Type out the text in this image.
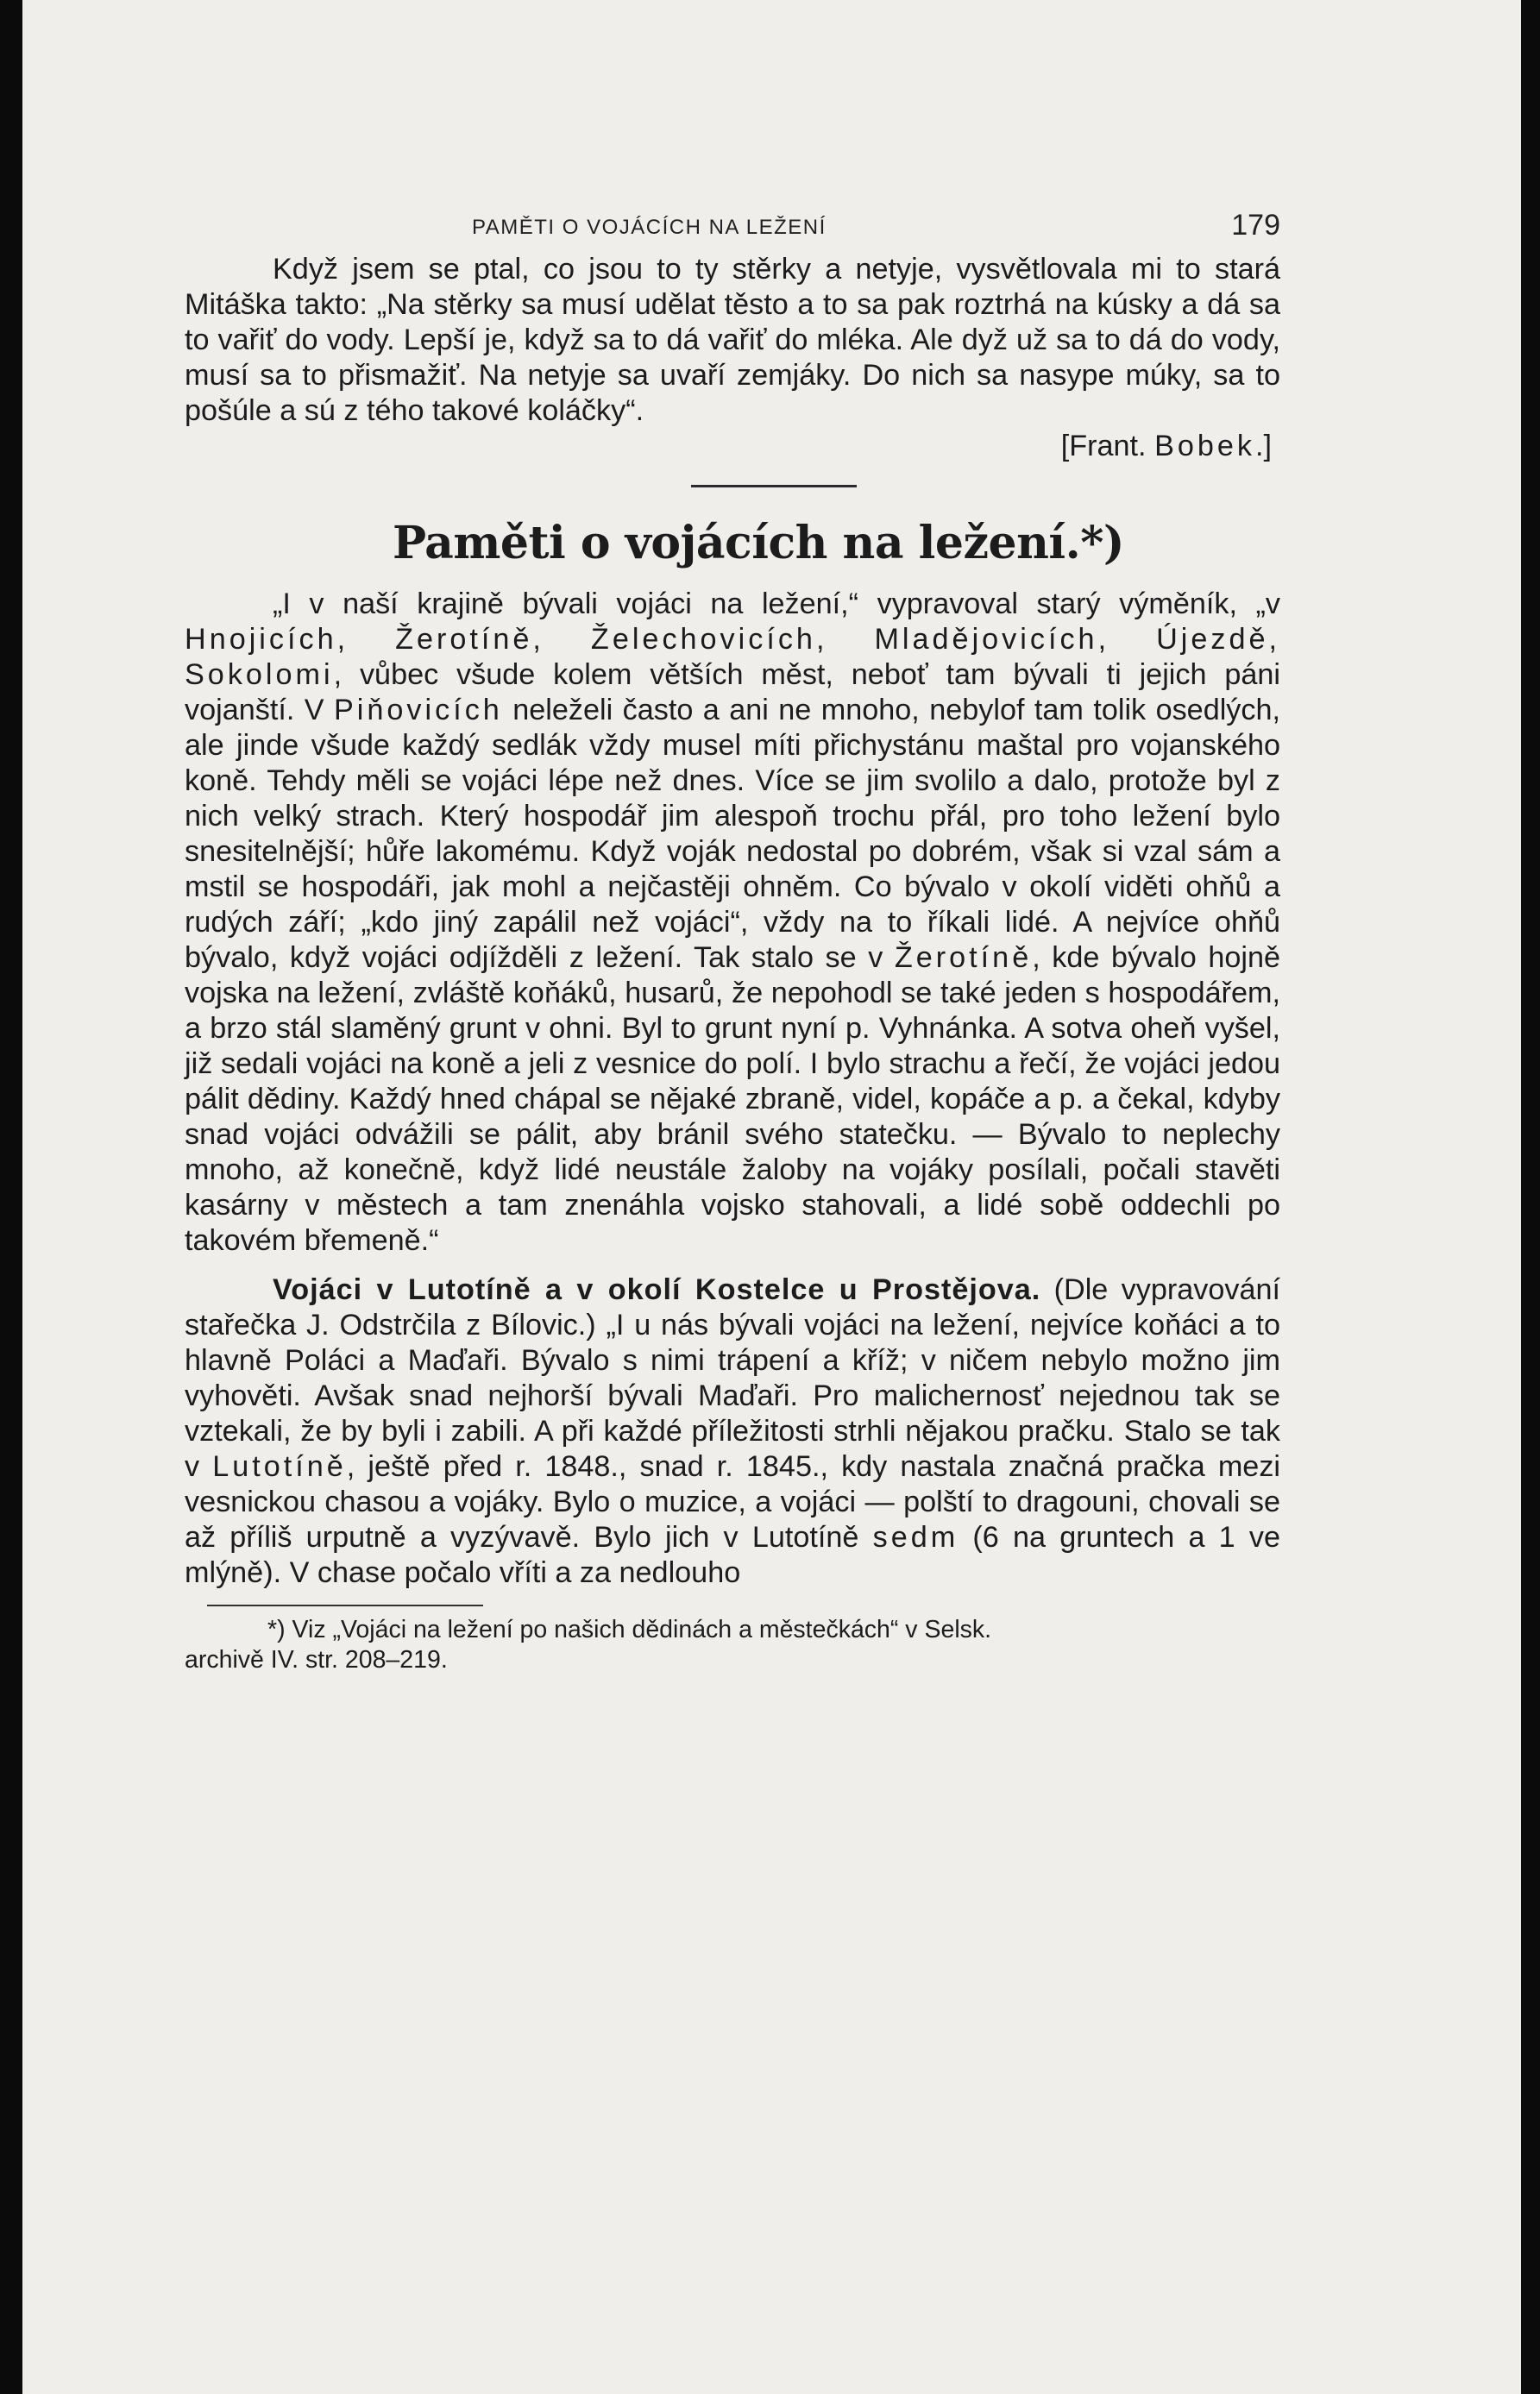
PAMĚTI O VOJÁCÍCH NA LEŽENÍ	179

Když jsem se ptal, co jsou to ty stěrky a netyje, vysvětlovala mi to stará Mitáška takto: „Na stěrky sa musí udělat těsto a to sa pak roztrhá na kúsky a dá sa to vařiť do vody. Lepší je, když sa to dá vařiť do mléka. Ale dyž už sa to dá do vody, musí sa to přismažiť. Na netyje sa uvaří zemjáky. Do nich sa nasype múky, sa to pošúle a sú z tého takové koláčky“.

[Frant. Bobek.]

Paměti o vojácích na ležení.*)

„I v naší krajině bývali vojáci na ležení,“ vypravoval starý výměník, „v Hnojicích, Žerotíně, Želechovicích, Mladějovicích, Újezdě, Sokolomi, vůbec všude kolem větších měst, neboť tam bývali ti jejich páni vojanští. V Piňovicích neleželi často a ani ne mnoho, nebylof tam tolik osedlých, ale jinde všude každý sedlák vždy musel míti přichystánu maštal pro vojanského koně. Tehdy měli se vojáci lépe než dnes. Více se jim svolilo a dalo, protože byl z nich velký strach. Který hospodář jim alespoň trochu přál, pro toho ležení bylo snesitelnější; hůře lakomému. Když voják nedostal po dobrém, však si vzal sám a mstil se hospodáři, jak mohl a nejčastěji ohněm. Co bývalo v okolí viděti ohňů a rudých září; „kdo jiný zapálil než vojáci“, vždy na to říkali lidé. A nejvíce ohňů bývalo, když vojáci odjížděli z ležení. Tak stalo se v Žerotíně, kde bývalo hojně vojska na ležení, zvláště koňáků, husarů, že nepohodl se také jeden s hospodářem, a brzo stál slaměný grunt v ohni. Byl to grunt nyní p. Vyhnánka. A sotva oheň vyšel, již sedali vojáci na koně a jeli z vesnice do polí. I bylo strachu a řečí, že vojáci jedou pálit dědiny. Každý hned chápal se nějaké zbraně, videl, kopáče a p. a čekal, kdyby snad vojáci odvážili se pálit, aby bránil svého statečku. — Bývalo to neplechy mnoho, až konečně, když lidé neustále žaloby na vojáky posílali, počali stavěti kasárny v městech a tam znenáhla vojsko stahovali, a lidé sobě oddechli po takovém břemeně.“

Vojáci v Lutotíně a v okolí Kostelce u Prostějova. (Dle vypravování stařečka J. Odstrčila z Bílovic.) „I u nás bývali vojáci na ležení, nejvíce koňáci a to hlavně Poláci a Maďaři. Bývalo s nimi trápení a kříž; v ničem nebylo možno jim vyhověti. Avšak snad nejhorší bývali Maďaři. Pro malichernosť nejednou tak se vztekali, že by byli i zabili. A při každé příležitosti strhli nějakou pračku. Stalo se tak v Lutotíně, ještě před r. 1848., snad r. 1845., kdy nastala značná pračka mezi vesnickou chasou a vojáky. Bylo o muzice, a vojáci — polští to dragouni, chovali se až příliš urputně a vyzývavě. Bylo jich v Lutotíně sedm (6 na gruntech a 1 ve mlýně). V chase počalo vříti a za nedlouho

*) Viz „Vojáci na ležení po našich dědinách a městečkách“ v Selsk.
archivě IV. str. 208–219.
